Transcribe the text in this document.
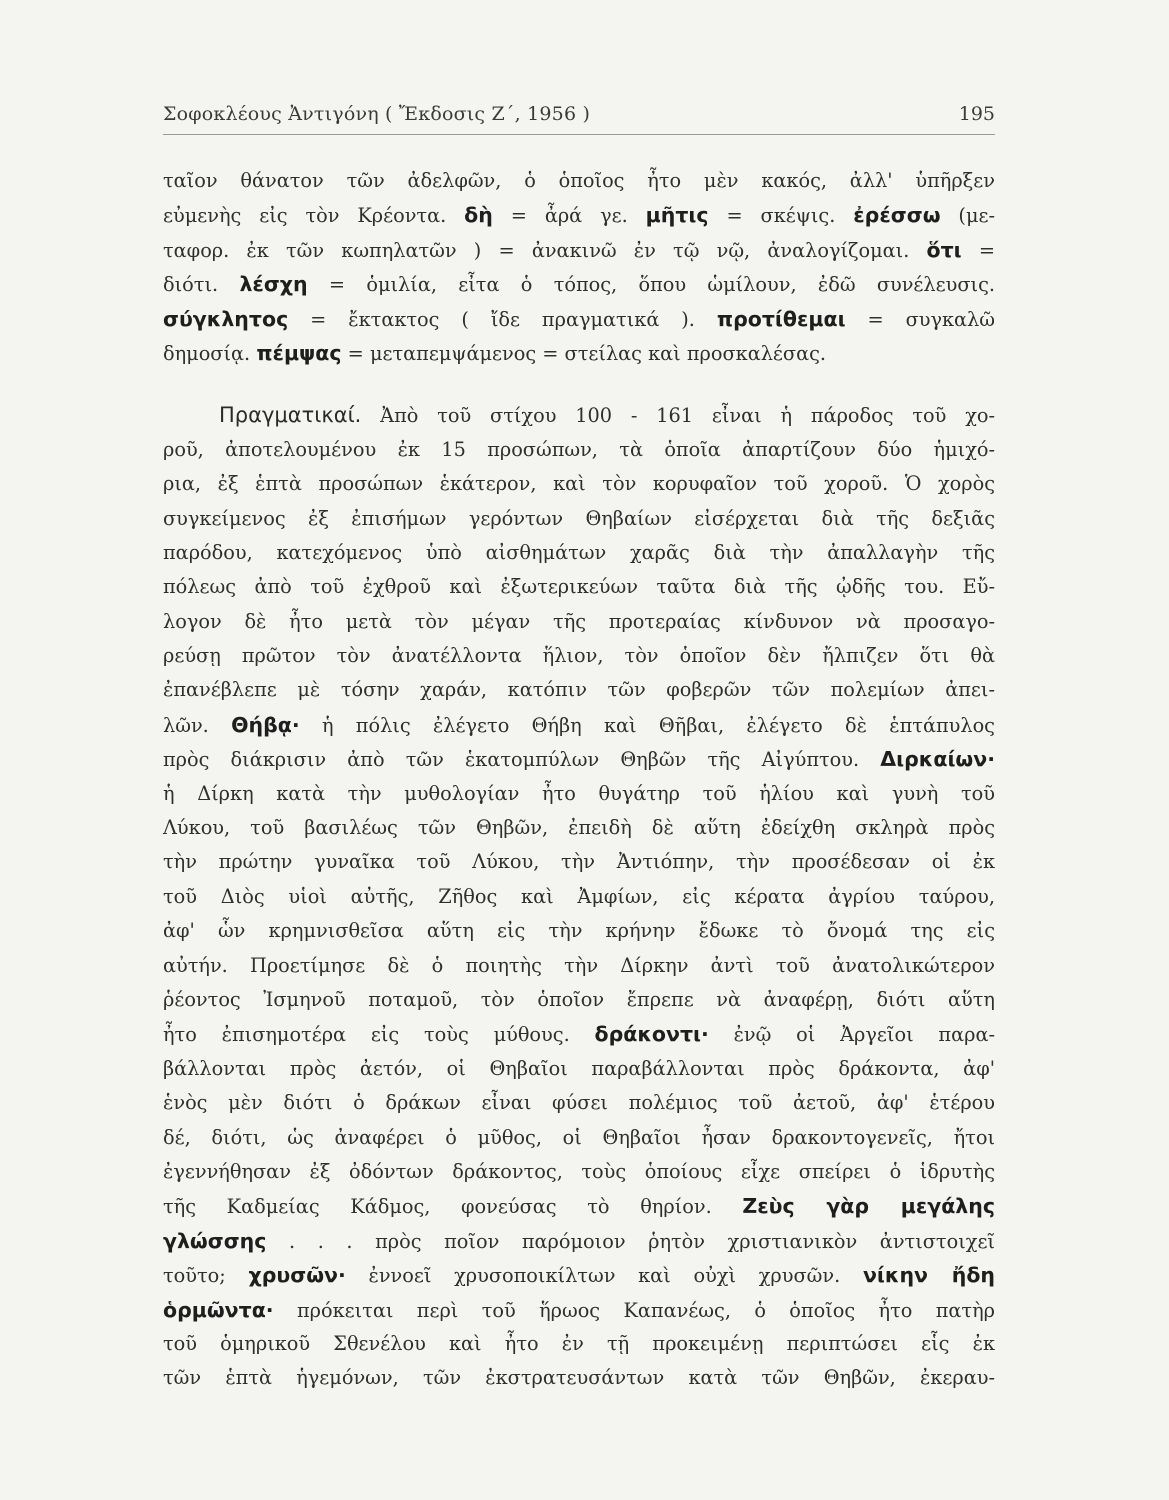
Σοφοκλέους Ἀντιγόνη ( Ἔκδοσις Ζ΄, 1956 )	195
ταῖον θάνατον τῶν ἀδελφῶν, ὁ ὁποῖος ἦτο μὲν κακός, ἀλλ' ὑπῆρξεν
εὐμενὴς εἰς τὸν Κρέοντα. δὴ = ἆρά γε. μῆτις = σκέψις. ἐρέσσω (με-
ταφορ. ἐκ τῶν κωπηλατῶν ) = ἀνακινῶ ἐν τῷ νῷ, ἀναλογίζομαι. ὅτι =
διότι. λέσχη = ὁμιλία, εἶτα ὁ τόπος, ὅπου ὡμίλουν, ἐδῶ συνέλευσις.
σύγκλητος = ἔκτακτος ( ἴδε πραγματικά ). προτίθεμαι = συγκαλῶ
δημοσίᾳ. πέμψας = μεταπεμψάμενος = στείλας καὶ προσκαλέσας.
Πραγματικαί. Ἀπὸ τοῦ στίχου 100 - 161 εἶναι ἡ πάροδος τοῦ χο-
ροῦ, ἀποτελουμένου ἐκ 15 προσώπων, τὰ ὁποῖα ἀπαρτίζουν δύο ἡμιχό-
ρια, ἐξ ἑπτὰ προσώπων ἑκάτερον, καὶ τὸν κορυφαῖον τοῦ χοροῦ. Ὁ χορὸς
συγκείμενος ἐξ ἐπισήμων γερόντων Θηβαίων εἰσέρχεται διὰ τῆς δεξιᾶς
παρόδου, κατεχόμενος ὑπὸ αἰσθημάτων χαρᾶς διὰ τὴν ἀπαλλαγὴν τῆς
πόλεως ἀπὸ τοῦ ἐχθροῦ καὶ ἐξωτερικεύων ταῦτα διὰ τῆς ᾠδῆς του. Εὔ-
λογον δὲ ἦτο μετὰ τὸν μέγαν τῆς προτεραίας κίνδυνον νὰ προσαγο-
ρεύσῃ πρῶτον τὸν ἀνατέλλοντα ἥλιον, τὸν ὁποῖον δὲν ἤλπιζεν ὅτι θὰ
ἐπανέβλεπε μὲ τόσην χαράν, κατόπιν τῶν φοβερῶν τῶν πολεμίων ἀπει-
λῶν. Θήβᾳ· ἡ πόλις ἐλέγετο Θήβη καὶ Θῆβαι, ἐλέγετο δὲ ἑπτάπυλος
πρὸς διάκρισιν ἀπὸ τῶν ἑκατομπύλων Θηβῶν τῆς Αἰγύπτου. Διρκαίων·
ἡ Δίρκη κατὰ τὴν μυθολογίαν ἦτο θυγάτηρ τοῦ ἡλίου καὶ γυνὴ τοῦ
Λύκου, τοῦ βασιλέως τῶν Θηβῶν, ἐπειδὴ δὲ αὕτη ἐδείχθη σκληρὰ πρὸς
τὴν πρώτην γυναῖκα τοῦ Λύκου, τὴν Ἀντιόπην, τὴν προσέδεσαν οἱ ἐκ
τοῦ Διὸς υἱοὶ αὐτῆς, Ζῆθος καὶ Ἀμφίων, εἰς κέρατα ἀγρίου ταύρου,
ἀφ' ὧν κρημνισθεῖσα αὕτη εἰς τὴν κρήνην ἔδωκε τὸ ὄνομά της εἰς
αὐτήν. Προετίμησε δὲ ὁ ποιητὴς τὴν Δίρκην ἀντὶ τοῦ ἀνατολικώτερον
ῥέοντος Ἰσμηνοῦ ποταμοῦ, τὸν ὁποῖον ἔπρεπε νὰ ἀναφέρῃ, διότι αὕτη
ἦτο ἐπισημοτέρα εἰς τοὺς μύθους. δράκοντι· ἐνῷ οἱ Ἀργεῖοι παρα-
βάλλονται πρὸς ἀετόν, οἱ Θηβαῖοι παραβάλλονται πρὸς δράκοντα, ἀφ'
ἑνὸς μὲν διότι ὁ δράκων εἶναι φύσει πολέμιος τοῦ ἀετοῦ, ἀφ' ἑτέρου
δέ, διότι, ὡς ἀναφέρει ὁ μῦθος, οἱ Θηβαῖοι ἦσαν δρακοντογενεῖς, ἤτοι
ἐγεννήθησαν ἐξ ὀδόντων δράκοντος, τοὺς ὁποίους εἶχε σπείρει ὁ ἱδρυτὴς
τῆς Καδμείας Κάδμος, φονεύσας τὸ θηρίον. Ζεὺς γὰρ μεγάλης
γλώσσης . . . πρὸς ποῖον παρόμοιον ῥητὸν χριστιανικὸν ἀντιστοιχεῖ
τοῦτο; χρυσῶν· ἐννοεῖ χρυσοποικίλτων καὶ οὐχὶ χρυσῶν. νίκην ἤδη
ὁρμῶντα· πρόκειται περὶ τοῦ ἥρωος Καπανέως, ὁ ὁποῖος ἦτο πατὴρ
τοῦ ὁμηρικοῦ Σθενέλου καὶ ἦτο ἐν τῇ προκειμένῃ περιπτώσει εἷς ἐκ
τῶν ἑπτὰ ἡγεμόνων, τῶν ἐκστρατευσάντων κατὰ τῶν Θηβῶν, ἐκεραυ-
